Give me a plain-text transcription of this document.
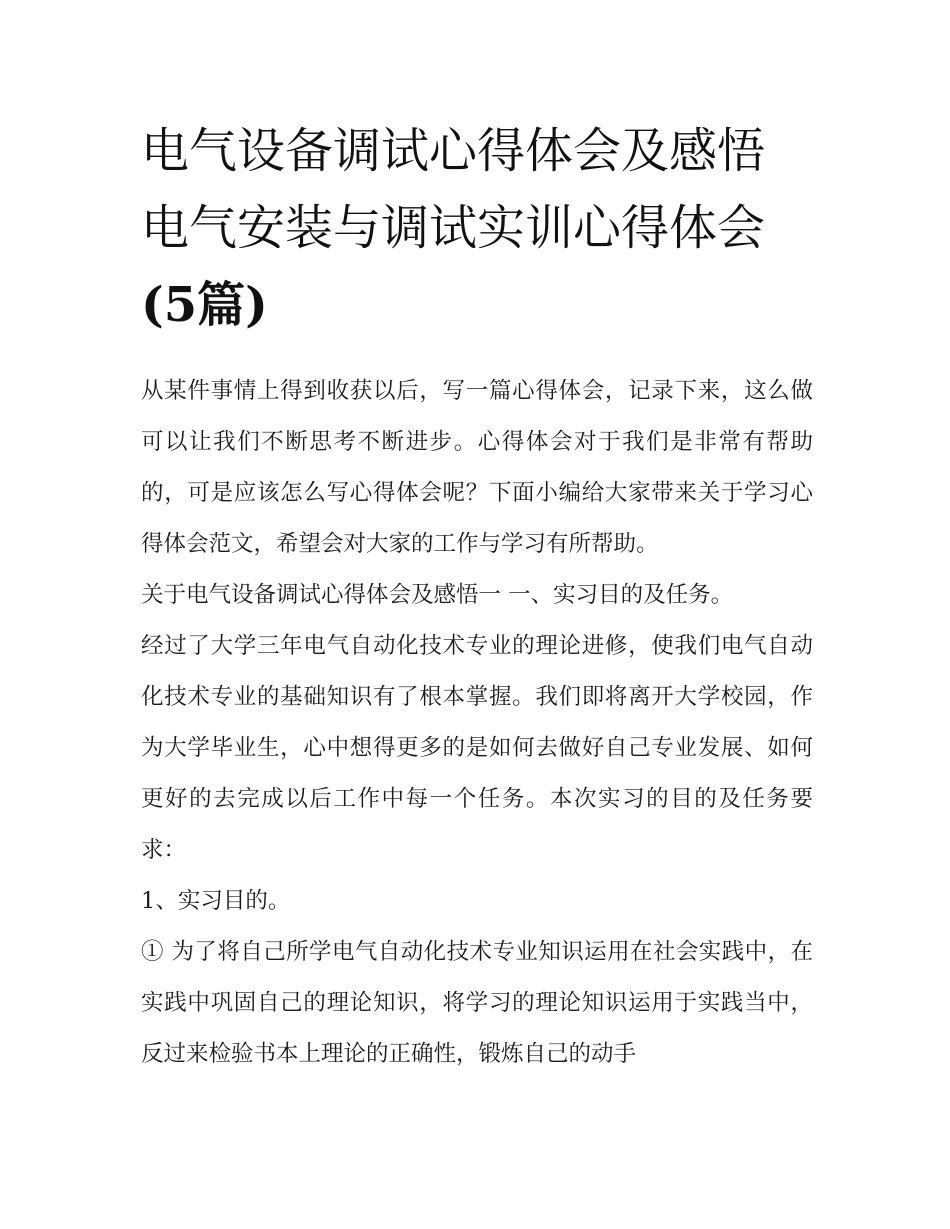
电气设备调试心得体会及感悟
电气安装与调试实训心得体会
(5篇)

从某件事情上得到收获以后，写一篇心得体会，记录下来，这么做可以让我们不断思考不断进步。心得体会对于我们是非常有帮助的，可是应该怎么写心得体会呢？下面小编给大家带来关于学习心得体会范文，希望会对大家的工作与学习有所帮助。

关于电气设备调试心得体会及感悟一 一、实习目的及任务。

经过了大学三年电气自动化技术专业的理论进修，使我们电气自动化技术专业的基础知识有了根本掌握。我们即将离开大学校园，作为大学毕业生，心中想得更多的是如何去做好自己专业发展、如何更好的去完成以后工作中每一个任务。本次实习的目的及任务要求：

1、实习目的。

① 为了将自己所学电气自动化技术专业知识运用在社会实践中，在实践中巩固自己的理论知识，将学习的理论知识运用于实践当中，反过来检验书本上理论的正确性，锻炼自己的动手
